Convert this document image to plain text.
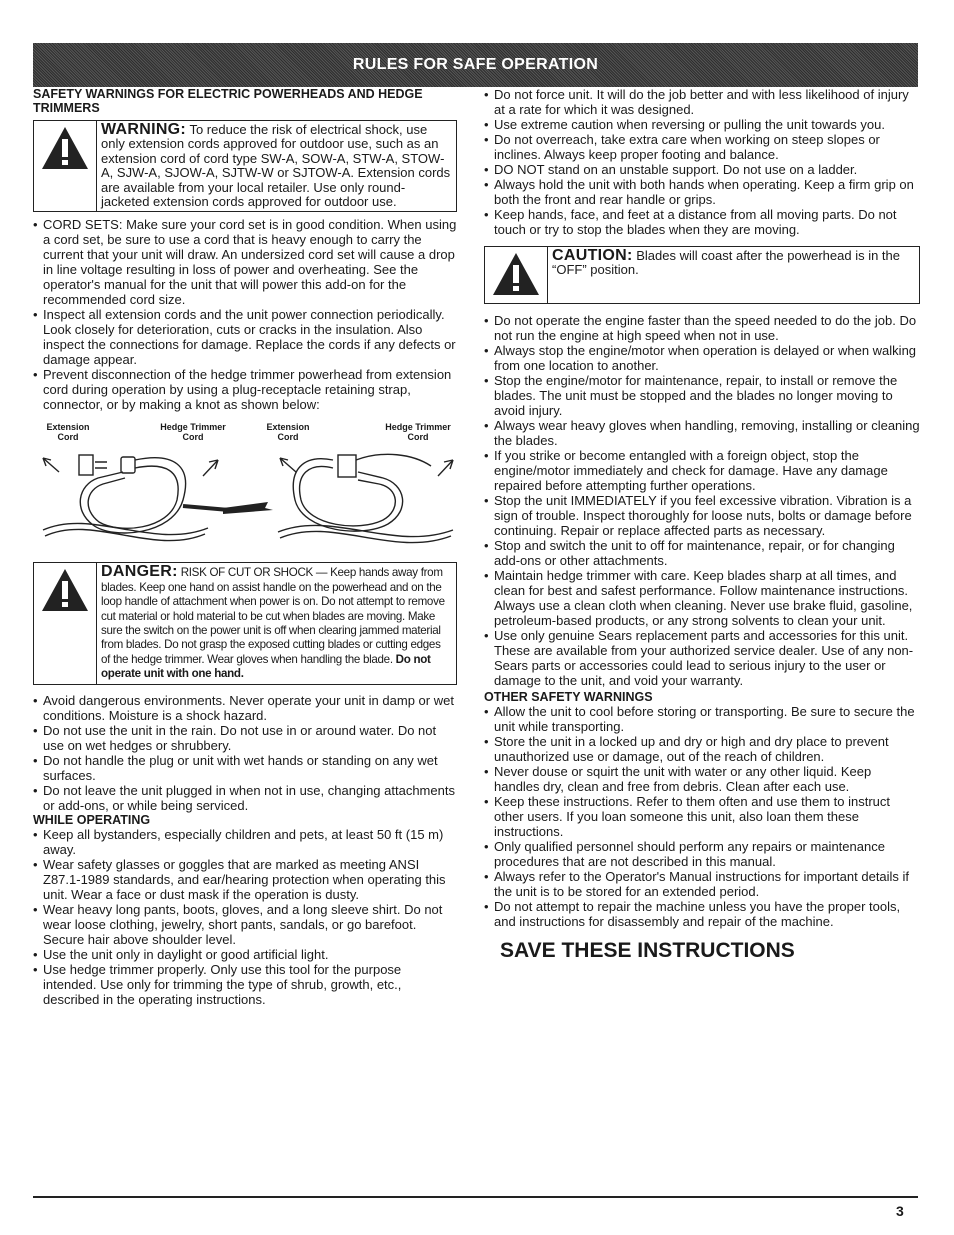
RULES FOR SAFE OPERATION

SAFETY WARNINGS FOR ELECTRIC POWERHEADS AND HEDGE TRIMMERS

WARNING: To reduce the risk of electrical shock, use only extension cords approved for outdoor use, such as an extension cord of cord type SW-A, SOW-A, STW-A, STOW-A, SJW-A, SJOW-A, SJTW-W or SJTOW-A. Extension cords are available from your local retailer. Use only round-jacketed extension cords approved for outdoor use.
• CORD SETS: Make sure your cord set is in good condition. When using a cord set, be sure to use a cord that is heavy enough to carry the current that your unit will draw. An undersized cord set will cause a drop in line voltage resulting in loss of power and overheating. See the operator's manual for the unit that will power this add-on for the recommended cord size.
• Inspect all extension cords and the unit power connection periodically. Look closely for deterioration, cuts or cracks in the insulation. Also inspect the connections for damage. Replace the cords if any defects or damage appear.
• Prevent disconnection of the hedge trimmer powerhead from extension cord during operation by using a plug-receptacle retaining strap, connector, or by making a knot as shown below:
Extension Cord
Hedge Trimmer Cord
Extension Cord
Hedge Trimmer Cord
DANGER: RISK OF CUT OR SHOCK — Keep hands away from blades. Keep one hand on assist handle on the powerhead and on the loop handle of attachment when power is on. Do not attempt to remove cut material or hold material to be cut when blades are moving. Make sure the switch on the power unit is off when clearing jammed material from blades. Do not grasp the exposed cutting blades or cutting edges of the hedge trimmer. Wear gloves when handling the blade. Do not operate unit with one hand.
• Avoid dangerous environments. Never operate your unit in damp or wet conditions. Moisture is a shock hazard.
• Do not use the unit in the rain. Do not use in or around water. Do not use on wet hedges or shrubbery.
• Do not handle the plug or unit with wet hands or standing on any wet surfaces.
• Do not leave the unit plugged in when not in use, changing attachments or add-ons, or while being serviced.

WHILE OPERATING

• Keep all bystanders, especially children and pets, at least 50 ft (15 m) away.
• Wear safety glasses or goggles that are marked as meeting ANSI Z87.1-1989 standards, and ear/hearing protection when operating this unit. Wear a face or dust mask if the operation is dusty.
• Wear heavy long pants, boots, gloves, and a long sleeve shirt. Do not wear loose clothing, jewelry, short pants, sandals, or go barefoot. Secure hair above shoulder level.
• Use the unit only in daylight or good artificial light.
• Use hedge trimmer properly. Only use this tool for the purpose intended. Use only for trimming the type of shrub, growth, etc., described in the operating instructions.
• Do not force unit. It will do the job better and with less likelihood of injury at a rate for which it was designed.
• Use extreme caution when reversing or pulling the unit towards you.
• Do not overreach, take extra care when working on steep slopes or inclines. Always keep proper footing and balance.
• DO NOT stand on an unstable support. Do not use on a ladder.
• Always hold the unit with both hands when operating. Keep a firm grip on both the front and rear handle or grips.
• Keep hands, face, and feet at a distance from all moving parts. Do not touch or try to stop the blades when they are moving.
CAUTION: Blades will coast after the powerhead is in the “OFF” position.
• Do not operate the engine faster than the speed needed to do the job. Do not run the engine at high speed when not in use.
• Always stop the engine/motor when operation is delayed or when walking from one location to another.
• Stop the engine/motor for maintenance, repair, to install or remove the blades. The unit must be stopped and the blades no longer moving to avoid injury.
• Always wear heavy gloves when handling, removing, installing or cleaning the blades.
• If you strike or become entangled with a foreign object, stop the engine/motor immediately and check for damage. Have any damage repaired before attempting further operations.
• Stop the unit IMMEDIATELY if you feel excessive vibration. Vibration is a sign of trouble. Inspect thoroughly for loose nuts, bolts or damage before continuing. Repair or replace affected parts as necessary.
• Stop and switch the unit to off for maintenance, repair, or for changing add-ons or other attachments.
• Maintain hedge trimmer with care. Keep blades sharp at all times, and clean for best and safest performance. Follow maintenance instructions. Always use a clean cloth when cleaning. Never use brake fluid, gasoline, petroleum-based products, or any strong solvents to clean your unit.
• Use only genuine Sears replacement parts and accessories for this unit. These are available from your authorized service dealer. Use of any non- Sears parts or accessories could lead to serious injury to the user or damage to the unit, and void your warranty.

OTHER SAFETY WARNINGS

• Allow the unit to cool before storing or transporting. Be sure to secure the unit while transporting.
• Store the unit in a locked up and dry or high and dry place to prevent unauthorized use or damage, out of the reach of children.
• Never douse or squirt the unit with water or any other liquid. Keep handles dry, clean and free from debris. Clean after each use.
• Keep these instructions. Refer to them often and use them to instruct other users. If you loan someone this unit, also loan them these instructions.
• Only qualified personnel should perform any repairs or maintenance procedures that are not described in this manual.
• Always refer to the Operator's Manual instructions for important details if the unit is to be stored for an extended period.
• Do not attempt to repair the machine unless you have the proper tools, and instructions for disassembly and repair of the machine.
SAVE THESE INSTRUCTIONS
3
